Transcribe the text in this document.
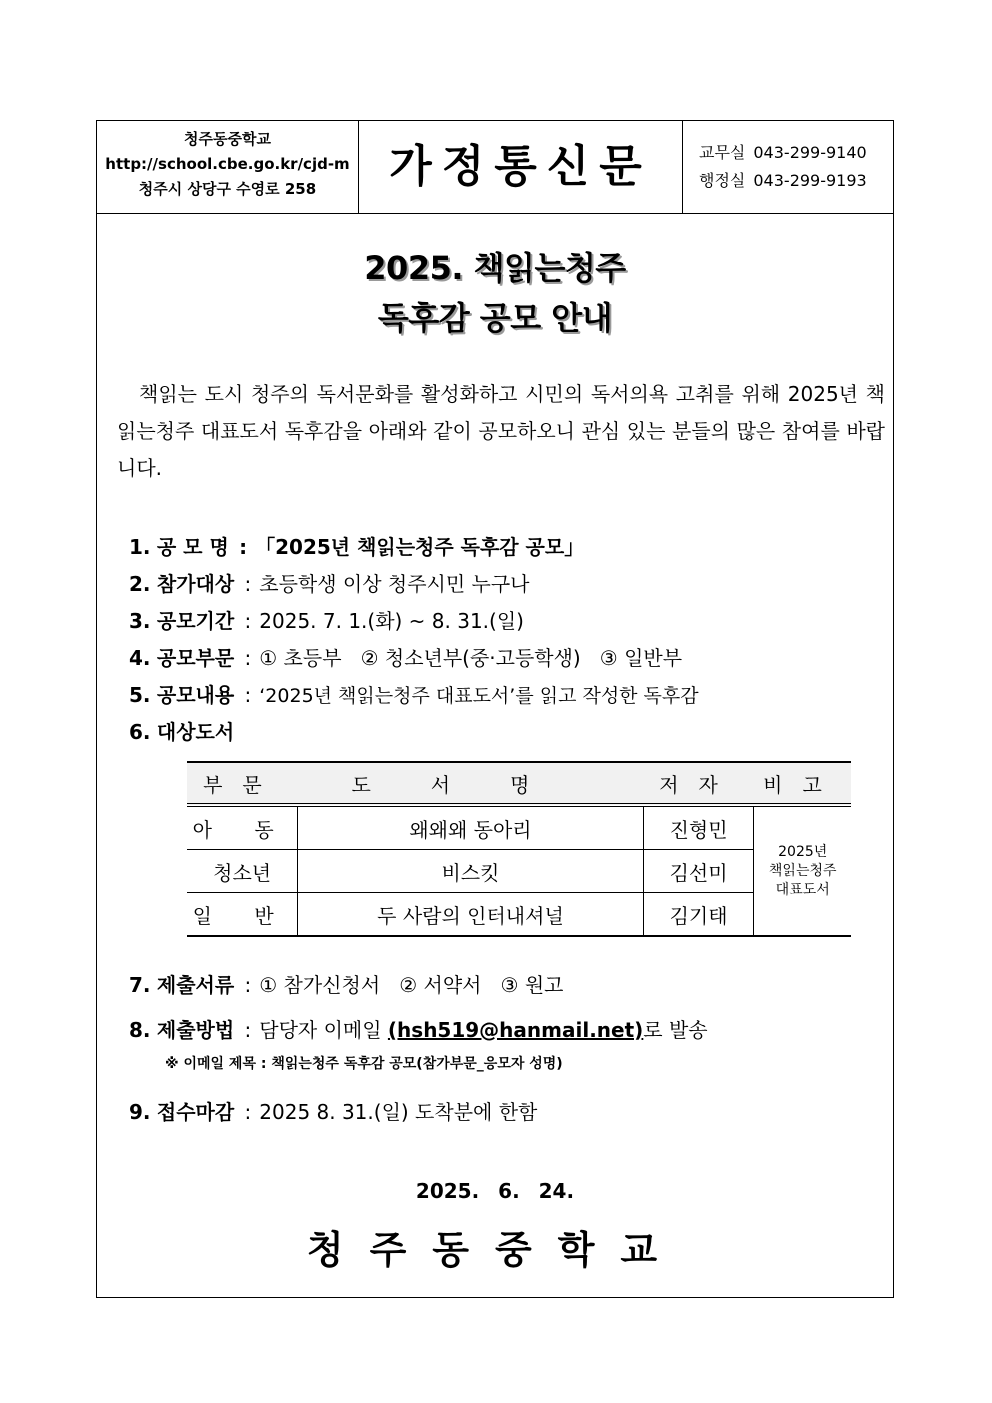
청주동중학교
http://school.cbe.go.kr/cjd-m
청주시 상당구 수영로 258	가정통신문	교무실 043-299-9140
행정실 043-299-9193
2025. 책읽는청주
독후감 공모 안내
책읽는 도시 청주의 독서문화를 활성화하고 시민의 독서의욕 고취를 위해 2025년 책읽는청주 대표도서 독후감을 아래와 같이 공모하오니 관심 있는 분들의 많은 참여를 바랍니다.
1. 공 모 명 : 「2025년 책읽는청주 독후감 공모」
2. 참가대상 : 초등학생 이상 청주시민 누구나
3. 공모기간 : 2025. 7. 1.(화) ~ 8. 31.(일)
4. 공모부문 : ① 초등부   ② 청소년부(중·고등학생)   ③ 일반부
5. 공모내용 : ‘2025년 책읽는청주 대표도서’를 읽고 작성한 독후감
6. 대상도서
부문	도서명	저자	비고
아 동	왜왜왜 동아리	진형민	2025년
책읽는청주
대표도서

청소년	비스킷	김선미	
일 반	두 사람의 인터내셔널	김기태	
7. 제출서류 : ① 참가신청서   ② 서약서   ③ 원고
8. 제출방법 : 담당자 이메일 (hsh519@hanmail.net)로 발송
※ 이메일 제목 : 책읽는청주 독후감 공모(참가부문_응모자 성명)
9. 접수마감 : 2025 8. 31.(일) 도착분에 한함
2025. 6. 24.
청주동중학교
